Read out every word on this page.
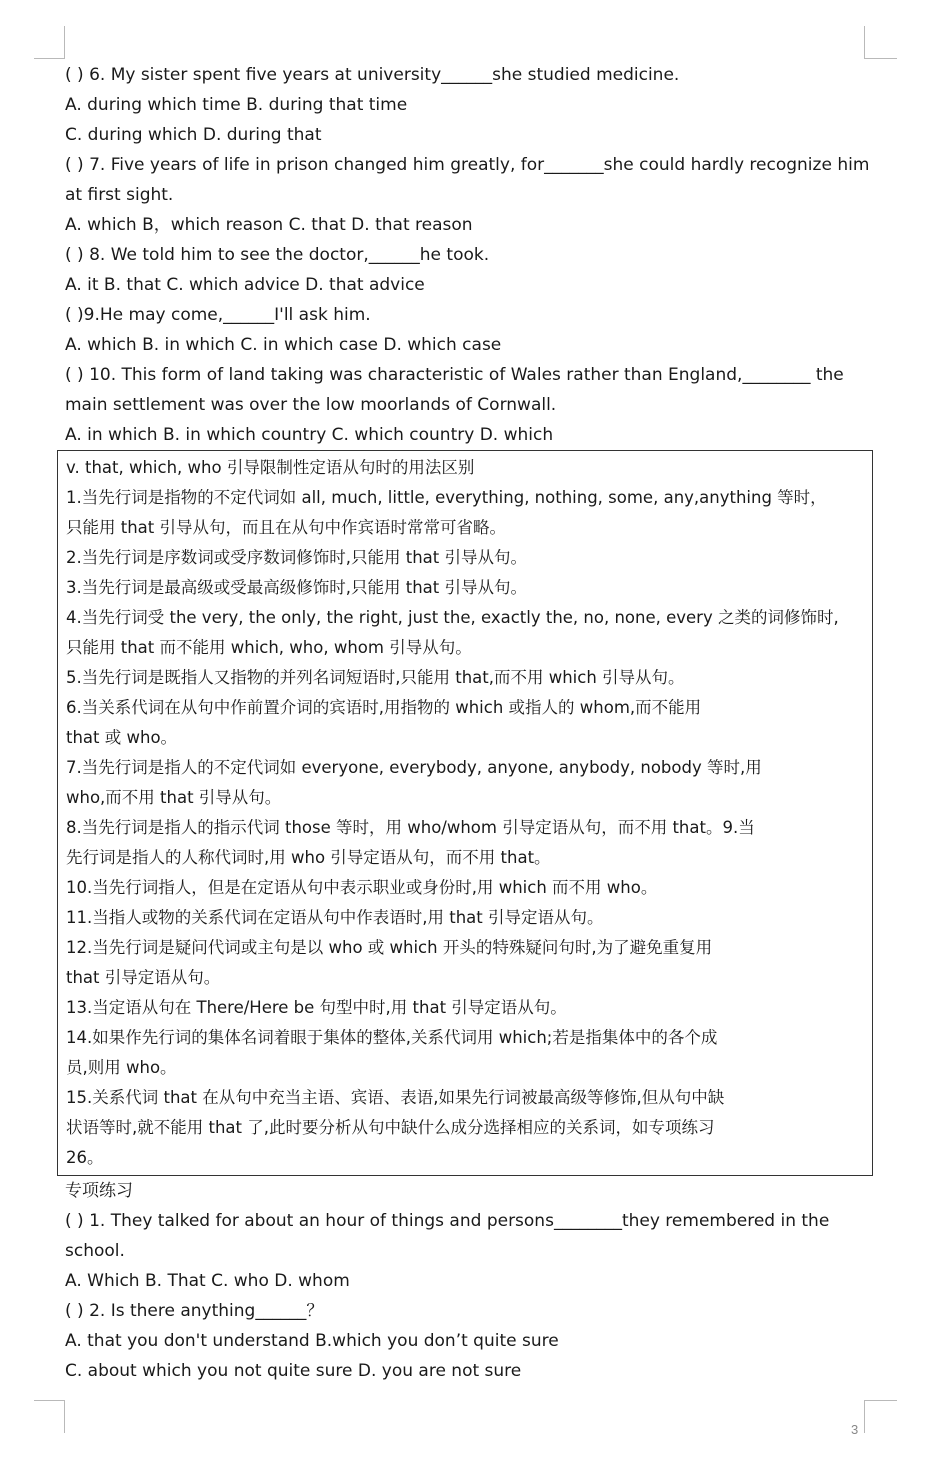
( ) 6. My sister spent five years at university______she studied medicine.
A. during which time B. during that time
C. during which D. during that
( ) 7. Five years of life in prison changed him greatly, for_______she could hardly recognize him
at first sight.
A. which B，which reason C. that D. that reason
( ) 8. We told him to see the doctor,______he took.
A. it B. that C. which advice D. that advice
( )9.He may come,______I'll ask him.
A. which B. in which C. in which case D. which case
( ) 10. This form of land taking was characteristic of Wales rather than England,________ the
main settlement was over the low moorlands of Cornwall.
A. in which B. in which country C. which country D. which
v. that, which, who 引导限制性定语从句时的用法区别
1.当先行词是指物的不定代词如 all, much, little, everything, nothing, some, any,anything 等时，
只能用 that 引导从句，而且在从句中作宾语时常常可省略。
2.当先行词是序数词或受序数词修饰时,只能用 that 引导从句。
3.当先行词是最高级或受最高级修饰时,只能用 that 引导从句。
4.当先行词受 the very, the only, the right, just the, exactly the, no, none, every 之类的词修饰时,
只能用 that 而不能用 which, who, whom 引导从句。
5.当先行词是既指人又指物的并列名词短语时,只能用 that,而不用 which 引导从句。
6.当关系代词在从句中作前置介词的宾语时,用指物的 which 或指人的 whom,而不能用
that 或 who。
7.当先行词是指人的不定代词如 everyone, everybody, anyone, anybody, nobody 等时,用
who,而不用 that 引导从句。
8.当先行词是指人的指示代词 those 等时，用 who/whom 引导定语从句，而不用 that。9.当
先行词是指人的人称代词时,用 who 引导定语从句，而不用 that。
10.当先行词指人，但是在定语从句中表示职业或身份时,用 which 而不用 who。
11.当指人或物的关系代词在定语从句中作表语时,用 that 引导定语从句。
12.当先行词是疑问代词或主句是以 who 或 which 开头的特殊疑问句时,为了避免重复用
that 引导定语从句。
13.当定语从句在 There/Here be 句型中时,用 that 引导定语从句。
14.如果作先行词的集体名词着眼于集体的整体,关系代词用 which;若是指集体中的各个成
员,则用 who。
15.关系代词 that 在从句中充当主语、宾语、表语,如果先行词被最高级等修饰,但从句中缺
状语等时,就不能用 that 了,此时要分析从句中缺什么成分选择相应的关系词，如专项练习
26。
专项练习
( ) 1. They talked for about an hour of things and persons________they remembered in the
school.
A. Which B. That C. who D. whom
( ) 2. Is there anything______？
A. that you don't understand B.which you don’t quite sure
C. about which you not quite sure D. you are not sure
3
